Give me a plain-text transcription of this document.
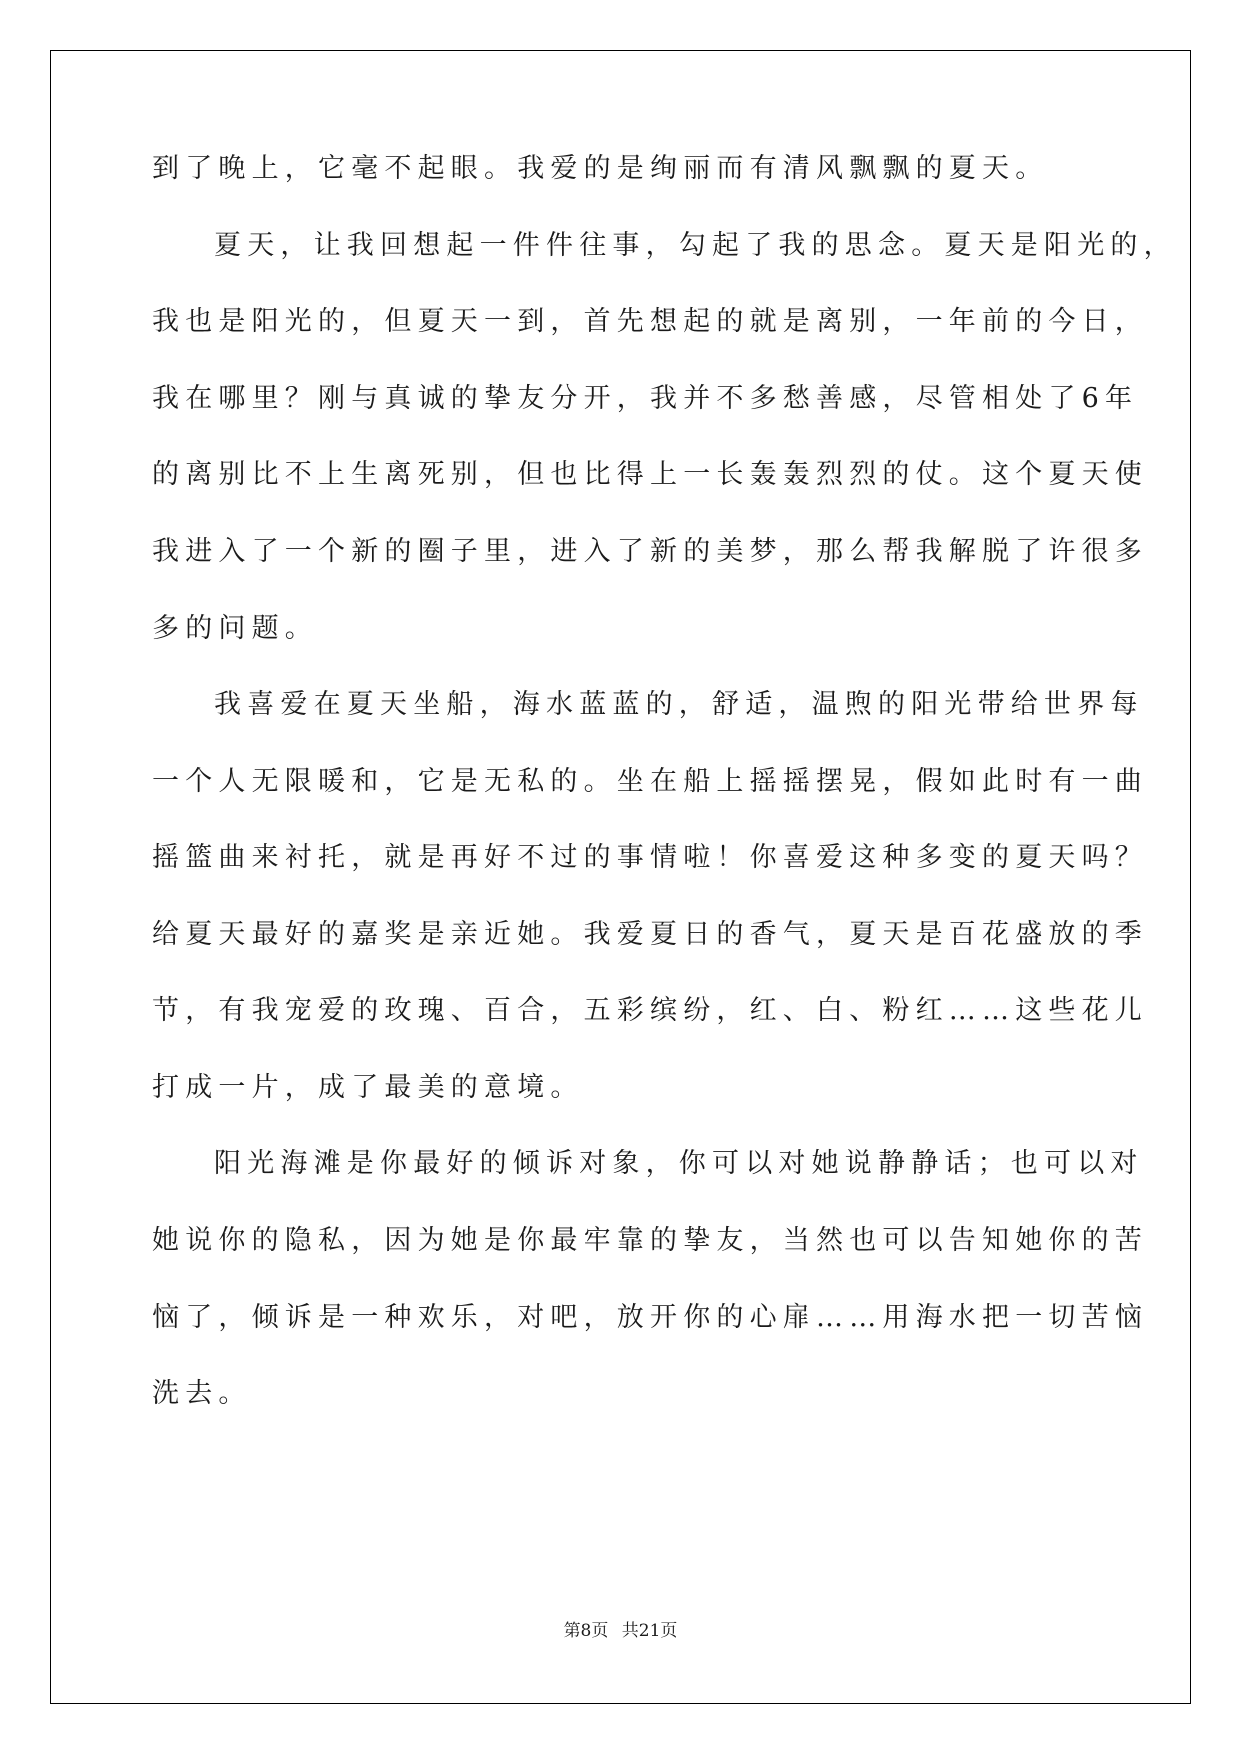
到了晚上，它毫不起眼。我爱的是绚丽而有清风飘飘的夏天。

夏天，让我回想起一件件往事，勾起了我的思念。夏天是阳光的，

我也是阳光的，但夏天一到，首先想起的就是离别，一年前的今日，

我在哪里？刚与真诚的挚友分开，我并不多愁善感，尽管相处了6年

的离别比不上生离死别，但也比得上一长轰轰烈烈的仗。这个夏天使

我进入了一个新的圈子里，进入了新的美梦，那么帮我解脱了许很多

多的问题。

我喜爱在夏天坐船，海水蓝蓝的，舒适，温煦的阳光带给世界每

一个人无限暖和，它是无私的。坐在船上摇摇摆晃，假如此时有一曲

摇篮曲来衬托，就是再好不过的事情啦！你喜爱这种多变的夏天吗？

给夏天最好的嘉奖是亲近她。我爱夏日的香气，夏天是百花盛放的季

节，有我宠爱的玫瑰、百合，五彩缤纷，红、白、粉红……这些花儿

打成一片，成了最美的意境。

阳光海滩是你最好的倾诉对象，你可以对她说静静话；也可以对

她说你的隐私，因为她是你最牢靠的挚友，当然也可以告知她你的苦

恼了，倾诉是一种欢乐，对吧，放开你的心扉……用海水把一切苦恼

洗去。

第8页 共21页
